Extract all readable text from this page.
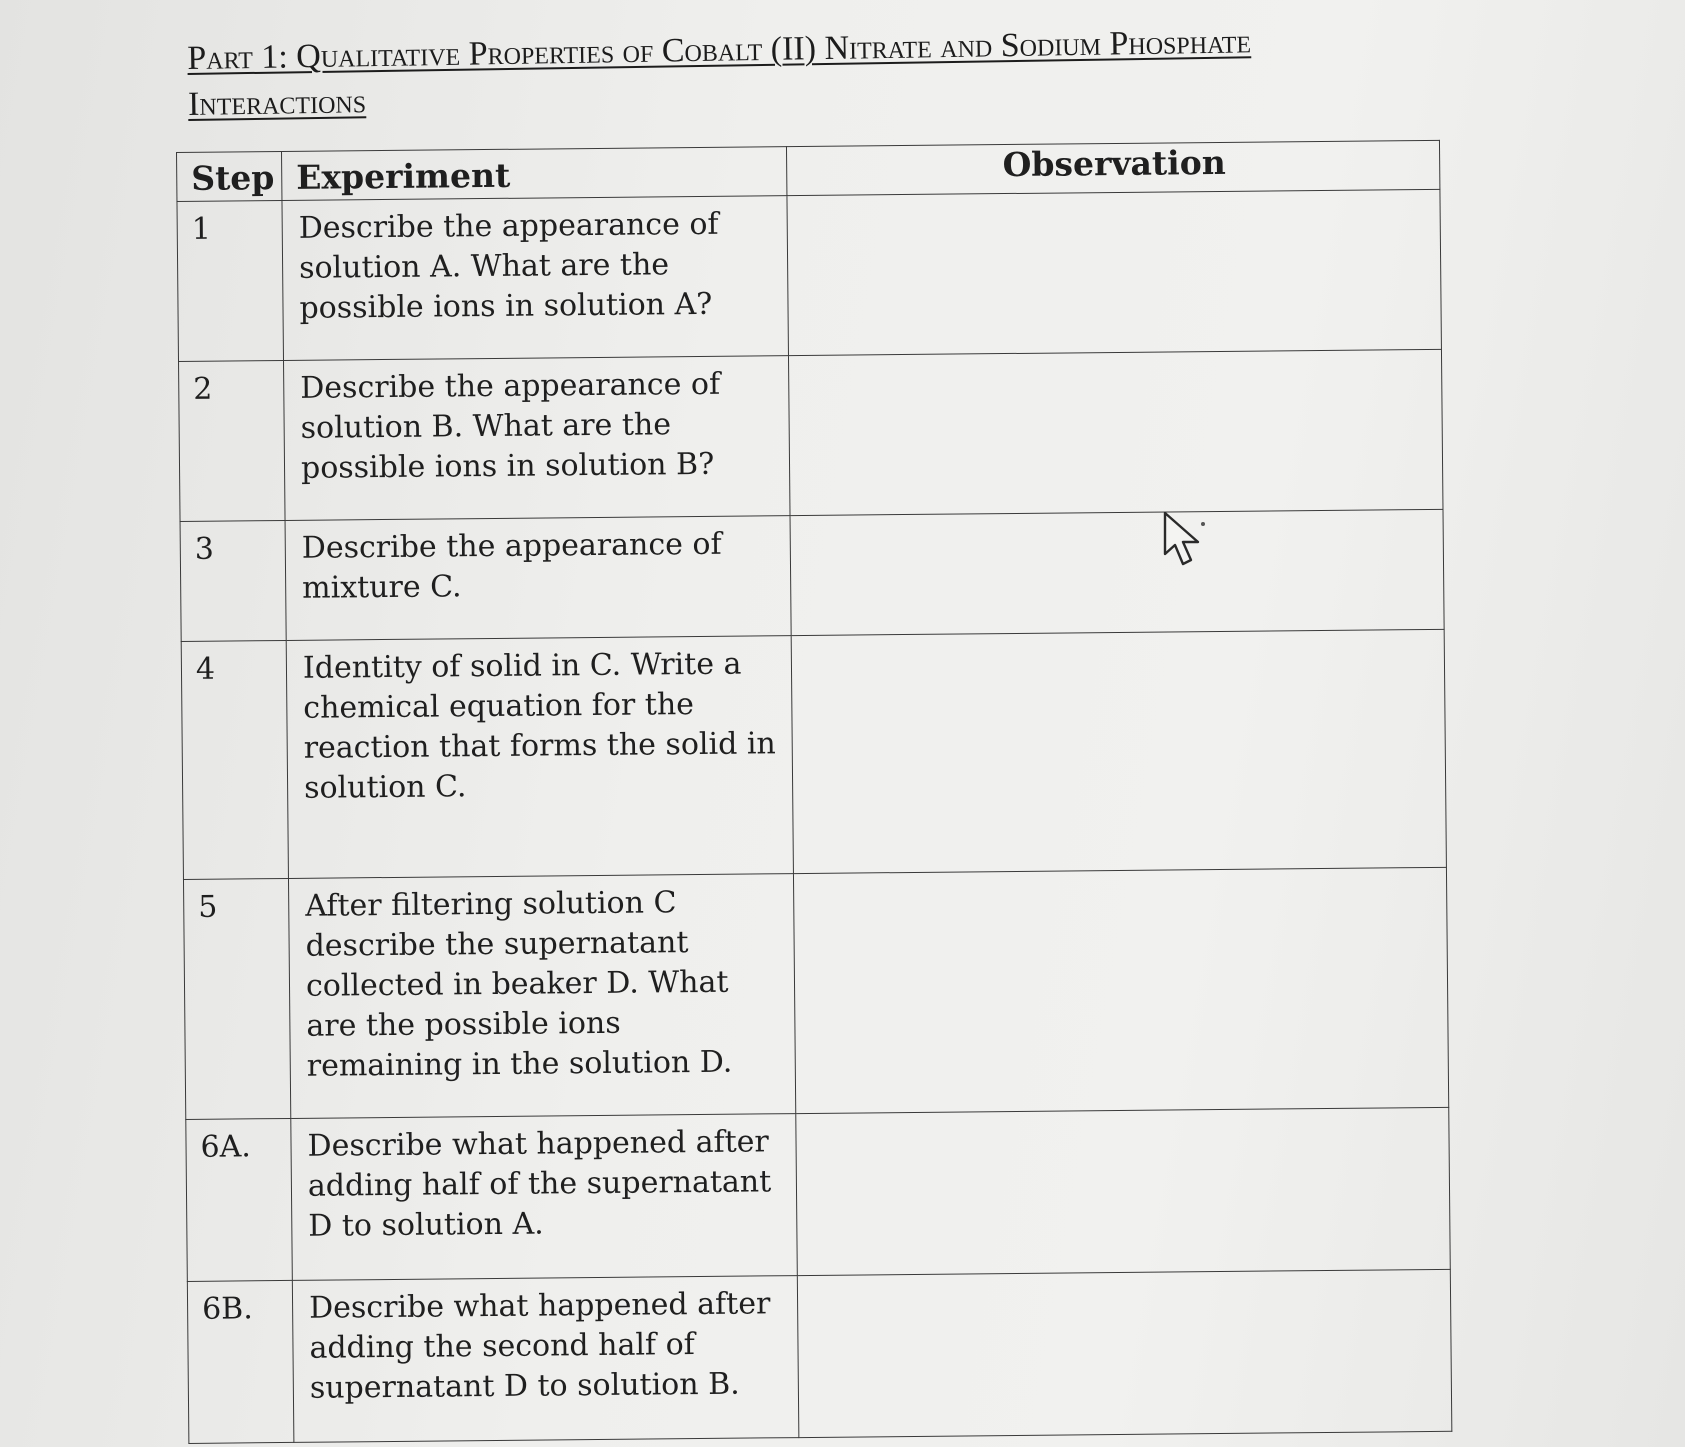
Part 1: Qualitative Properties of Cobalt (II) Nitrate and Sodium Phosphate
Interactions
Step	Experiment	Observation
1	Describe the appearance of solution A. What are the possible ions in solution A?	
2	Describe the appearance of solution B. What are the possible ions in solution B?	
3	Describe the appearance of mixture C.	
4	Identity of solid in C. Write a chemical equation for the reaction that forms the solid in solution C.	
5	After filtering solution C describe the supernatant collected in beaker D. What are the possible ions remaining in the solution D.	
6A.	Describe what happened after adding half of the supernatant D to solution A.	
6B.	Describe what happened after adding the second half of supernatant D to solution B.	
